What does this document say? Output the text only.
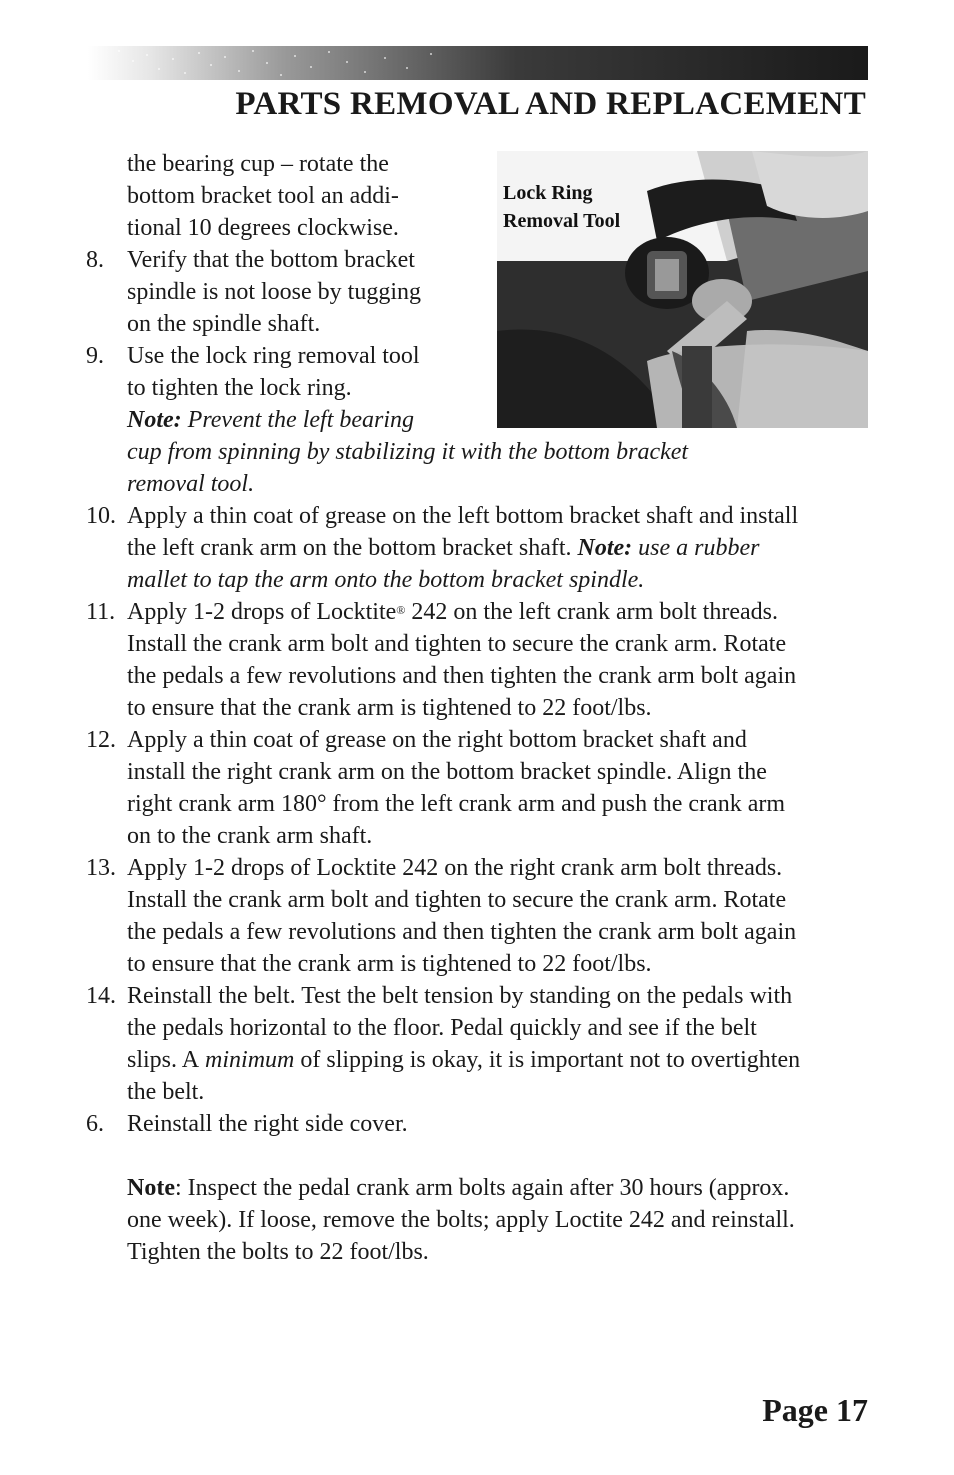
PARTS REMOVAL AND REPLACEMENT
Lock Ring
Removal Tool
the bearing cup – rotate the
bottom bracket tool an addi-
tional 10 degrees clockwise.
8. Verify that the bottom bracket
spindle is not loose by tugging
on the spindle shaft.
9. Use the lock ring removal tool
to tighten the lock ring.
Note: Prevent the left bearing
cup from spinning by stabilizing it with the bottom bracket
removal tool.
10. Apply a thin coat of grease on the left bottom bracket shaft and install
the left crank arm on the bottom bracket shaft. Note: use a rubber
mallet to tap the arm onto the bottom bracket spindle.
11. Apply 1-2 drops of Locktite® 242 on the left crank arm bolt threads.
Install the crank arm bolt and tighten to secure the crank arm. Rotate
the pedals a few revolutions and then tighten the crank arm bolt again
to ensure that the crank arm is tightened to 22 foot/lbs.
12. Apply a thin coat of grease on the right bottom bracket shaft and
install the right crank arm on the bottom bracket spindle. Align the
right crank arm 180° from the left crank arm and push the crank arm
on to the crank arm shaft.
13. Apply 1-2 drops of Locktite 242 on the right crank arm bolt threads.
Install the crank arm bolt and tighten to secure the crank arm. Rotate
the pedals a few revolutions and then tighten the crank arm bolt again
to ensure that the crank arm is tightened to 22 foot/lbs.
14. Reinstall the belt. Test the belt tension by standing on the pedals with
the pedals horizontal to the floor. Pedal quickly and see if the belt
slips. A minimum of slipping is okay, it is important not to overtighten
the belt.
6. Reinstall the right side cover.
Note: Inspect the pedal crank arm bolts again after 30 hours (approx.
one week). If loose, remove the bolts; apply Loctite 242 and reinstall.
Tighten the bolts to 22 foot/lbs.
Page 17
